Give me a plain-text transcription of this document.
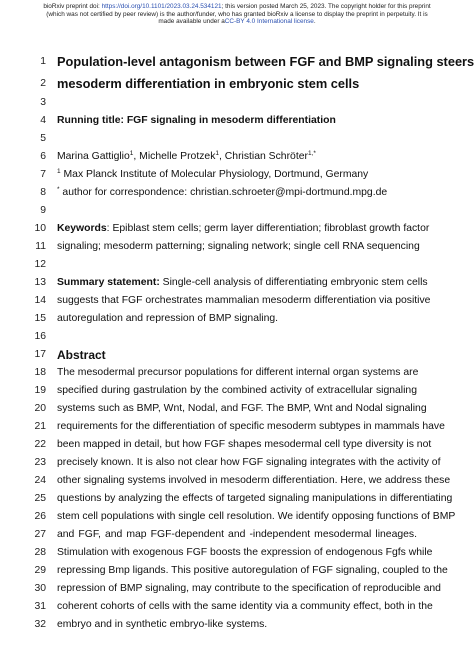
bioRxiv preprint doi: https://doi.org/10.1101/2023.03.24.534121; this version posted March 25, 2023. The copyright holder for this preprint
(which was not certified by peer review) is the author/funder, who has granted bioRxiv a license to display the preprint in perpetuity. It is
made available under aCC-BY 4.0 International license.
1 Population-level antagonism between FGF and BMP signaling steers
2 mesoderm differentiation in embryonic stem cells
3
4 Running title: FGF signaling in mesoderm differentiation
5
6 Marina Gattiglio$^1$, Michelle Protzek$^1$, Christian Schröter$^{1,*}$
7 $^1$ Max Planck Institute of Molecular Physiology, Dortmund, Germany
8 * author for correspondence: christian.schroeter@mpi-dortmund.mpg.de
9
10 Keywords: Epiblast stem cells; germ layer differentiation; fibroblast growth factor
11 signaling; mesoderm patterning; signaling network; single cell RNA sequencing
12
13 Summary statement: Single-cell analysis of differentiating embryonic stem cells
14 suggests that FGF orchestrates mammalian mesoderm differentiation via positive
15 autoregulation and repression of BMP signaling.
16
17 Abstract
18 The mesodermal precursor populations for different internal organ systems are
19 specified during gastrulation by the combined activity of extracellular signaling
20 systems such as BMP, Wnt, Nodal, and FGF. The BMP, Wnt and Nodal signaling
21 requirements for the differentiation of specific mesoderm subtypes in mammals have
22 been mapped in detail, but how FGF shapes mesodermal cell type diversity is not
23 precisely known. It is also not clear how FGF signaling integrates with the activity of
24 other signaling systems involved in mesoderm differentiation. Here, we address these
25 questions by analyzing the effects of targeted signaling manipulations in differentiating
26 stem cell populations with single cell resolution. We identify opposing functions of BMP
27 and FGF, and map FGF-dependent and -independent mesodermal lineages.
28 Stimulation with exogenous FGF boosts the expression of endogenous Fgfs while
29 repressing Bmp ligands. This positive autoregulation of FGF signaling, coupled to the
30 repression of BMP signaling, may contribute to the specification of reproducible and
31 coherent cohorts of cells with the same identity via a community effect, both in the
32 embryo and in synthetic embryo-like systems.
